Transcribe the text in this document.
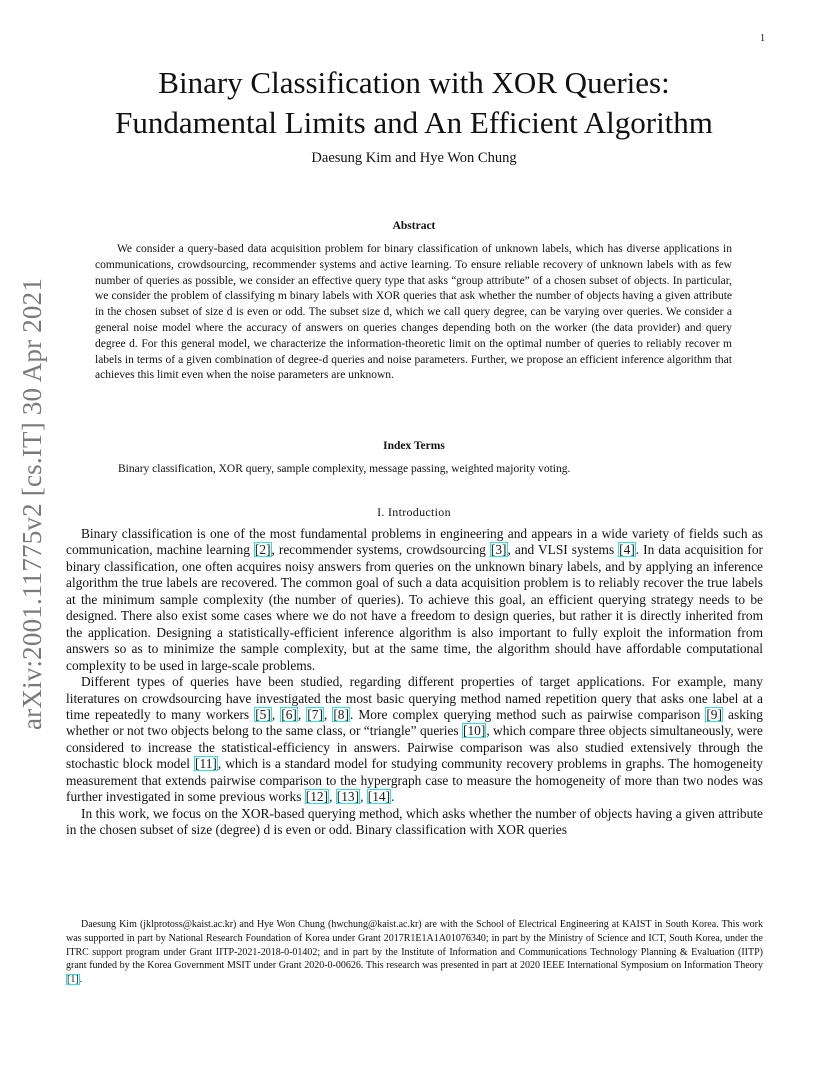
1
arXiv:2001.11775v2 [cs.IT] 30 Apr 2021
Binary Classification with XOR Queries:
Fundamental Limits and An Efficient Algorithm
Daesung Kim and Hye Won Chung
Abstract

We consider a query-based data acquisition problem for binary classification of unknown labels, which has diverse applications in communications, crowdsourcing, recommender systems and active learning. To ensure reliable recovery of unknown labels with as few number of queries as possible, we consider an effective query type that asks “group attribute” of a chosen subset of objects. In particular, we consider the problem of classifying m binary labels with XOR queries that ask whether the number of objects having a given attribute in the chosen subset of size d is even or odd. The subset size d, which we call query degree, can be varying over queries. We consider a general noise model where the accuracy of answers on queries changes depending both on the worker (the data provider) and query degree d. For this general model, we characterize the information-theoretic limit on the optimal number of queries to reliably recover m labels in terms of a given combination of degree-d queries and noise parameters. Further, we propose an efficient inference algorithm that achieves this limit even when the noise parameters are unknown.

Index Terms

Binary classification, XOR query, sample complexity, message passing, weighted majority voting.

I. Introduction

Binary classification is one of the most fundamental problems in engineering and appears in a wide variety of fields such as communication, machine learning [2], recommender systems, crowdsourcing [3], and VLSI systems [4]. In data acquisition for binary classification, one often acquires noisy answers from queries on the unknown binary labels, and by applying an inference algorithm the true labels are recovered. The common goal of such a data acquisition problem is to reliably recover the true labels at the minimum sample complexity (the number of queries). To achieve this goal, an efficient querying strategy needs to be designed. There also exist some cases where we do not have a freedom to design queries, but rather it is directly inherited from the application. Designing a statistically-efficient inference algorithm is also important to fully exploit the information from answers so as to minimize the sample complexity, but at the same time, the algorithm should have affordable computational complexity to be used in large-scale problems.

Different types of queries have been studied, regarding different properties of target applications. For example, many literatures on crowdsourcing have investigated the most basic querying method named repetition query that asks one label at a time repeatedly to many workers [5], [6], [7], [8]. More complex querying method such as pairwise comparison [9] asking whether or not two objects belong to the same class, or “triangle” queries [10], which compare three objects simultaneously, were considered to increase the statistical-efficiency in answers. Pairwise comparison was also studied extensively through the stochastic block model [11], which is a standard model for studying community recovery problems in graphs. The homogeneity measurement that extends pairwise comparison to the hypergraph case to measure the homogeneity of more than two nodes was further investigated in some previous works [12], [13], [14].

In this work, we focus on the XOR-based querying method, which asks whether the number of objects having a given attribute in the chosen subset of size (degree) d is even or odd. Binary classification with XOR queries

Daesung Kim (jklprotoss@kaist.ac.kr) and Hye Won Chung (hwchung@kaist.ac.kr) are with the School of Electrical Engineering at KAIST in South Korea. This work was supported in part by National Research Foundation of Korea under Grant 2017R1E1A1A01076340; in part by the Ministry of Science and ICT, South Korea, under the ITRC support program under Grant IITP-2021-2018-0-01402; and in part by the Institute of Information and Communications Technology Planning & Evaluation (IITP) grant funded by the Korea Government MSIT under Grant 2020-0-00626. This research was presented in part at 2020 IEEE International Symposium on Information Theory [1].
